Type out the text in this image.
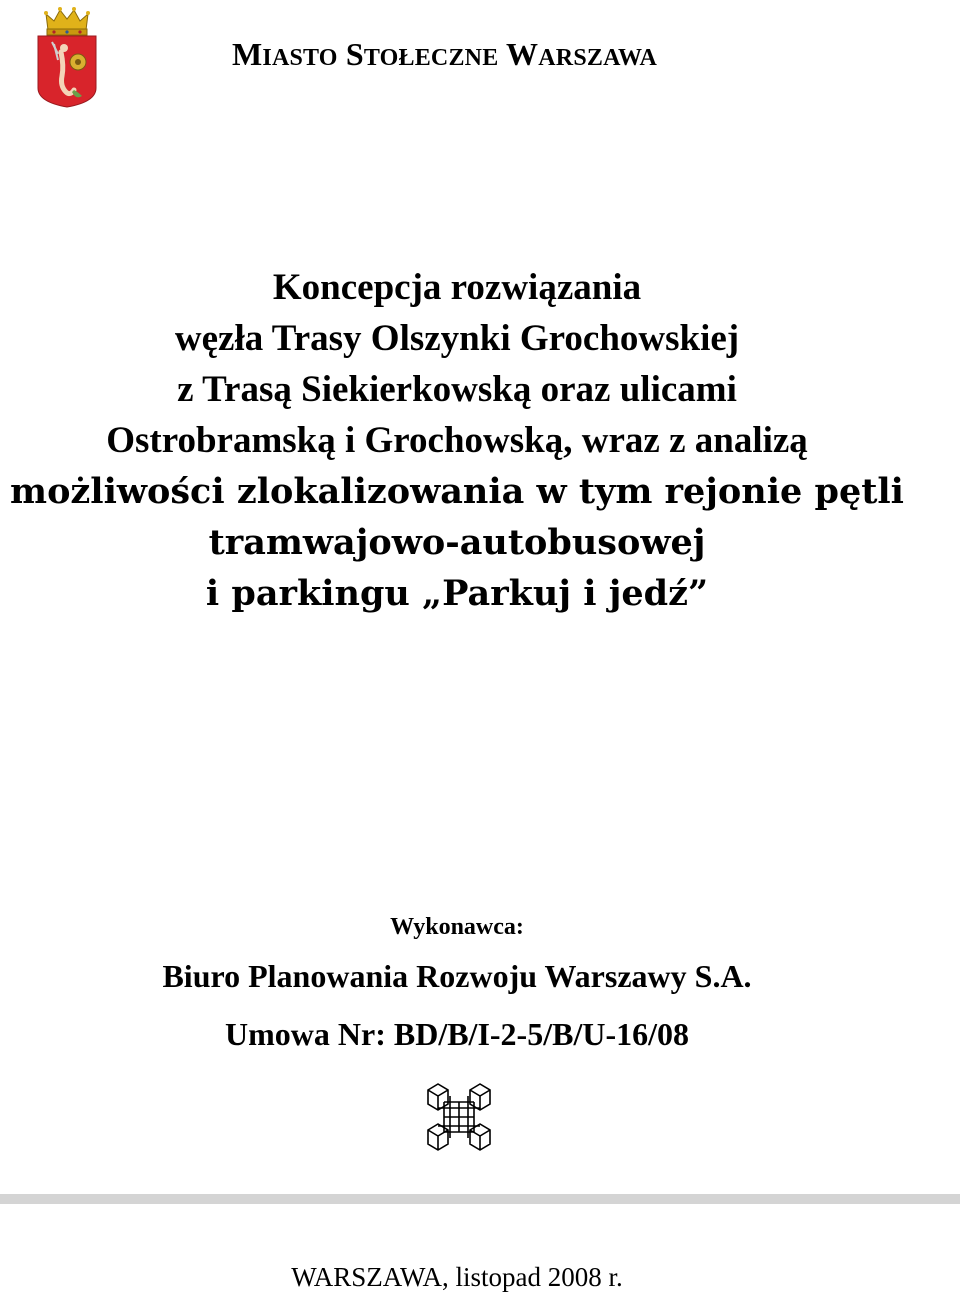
MIASTO STOŁECZNE WARSZAWA
Koncepcja rozwiązania
węzła Trasy Olszynki Grochowskiej
z Trasą Siekierkowską oraz ulicami
Ostrobramską i Grochowską, wraz z analizą
możliwości zlokalizowania w tym rejonie pętli
tramwajowo-autobusowej
i parkingu „Parkuj i jedź”
Wykonawca:
Biuro Planowania Rozwoju Warszawy S.A.
Umowa Nr: BD/B/I-2-5/B/U-16/08
WARSZAWA, listopad 2008 r.
